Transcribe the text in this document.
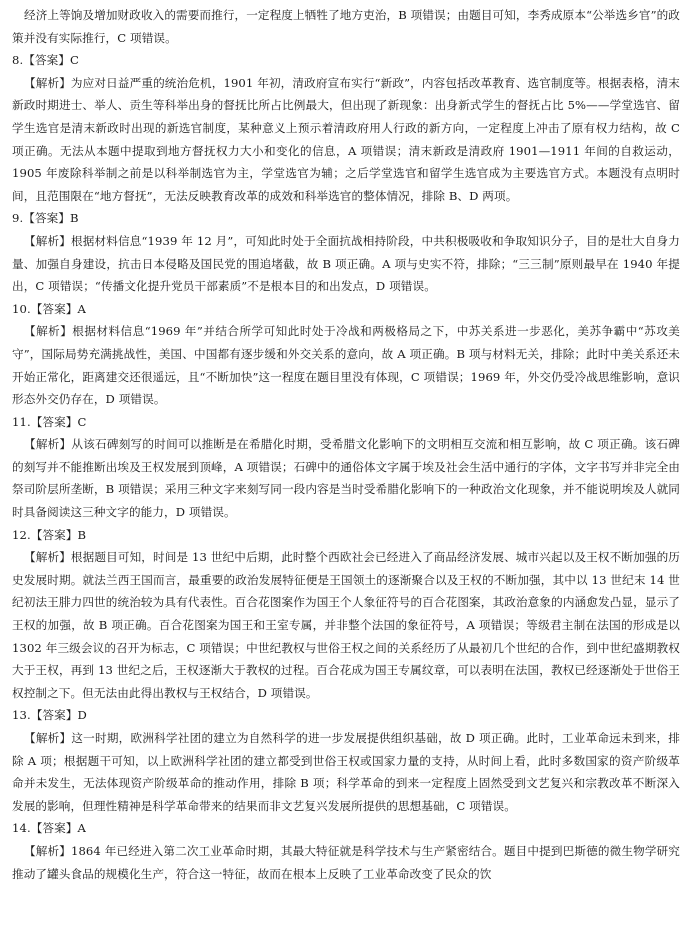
经济上等饷及增加财政收入的需要而推行，一定程度上牺牲了地方吏治，B 项错误；由题目可知，李秀成原本“公举选乡官”的政策并没有实际推行，C 项错误。

8.【答案】C

【解析】为应对日益严重的统治危机，1901 年初，清政府宣布实行“新政”，内容包括改革教育、选官制度等。根据表格，清末新政时期进士、举人、贡生等科举出身的督抚比所占比例最大，但出现了新现象：出身新式学生的督抚占比 5%——学堂选官、留学生选官是清末新政时出现的新选官制度，某种意义上预示着清政府用人行政的新方向，一定程度上冲击了原有权力结构，故 C 项正确。无法从本题中提取到地方督抚权力大小和变化的信息，A 项错误；清末新政是清政府 1901—1911 年间的自救运动，1905 年废除科举制之前是以科举制选官为主，学堂选官为辅；之后学堂选官和留学生选官成为主要选官方式。本题没有点明时间，且范围限在“地方督抚”，无法反映教育改革的成效和科举选官的整体情况，排除 B、D 两项。

9.【答案】B

【解析】根据材料信息“1939 年 12 月”，可知此时处于全面抗战相持阶段，中共积极吸收和争取知识分子，目的是壮大自身力量、加强自身建设，抗击日本侵略及国民党的围追堵截，故 B 项正确。A 项与史实不符，排除；“三三制”原则最早在 1940 年提出，C 项错误；“传播文化提升党员干部素质”不是根本目的和出发点，D 项错误。

10.【答案】A

【解析】根据材料信息“1969 年”并结合所学可知此时处于冷战和两极格局之下，中苏关系进一步恶化，美苏争霸中“苏攻美守”，国际局势充满挑战性，美国、中国都有逐步缓和外交关系的意向，故 A 项正确。B 项与材料无关，排除；此时中美关系还未开始正常化，距离建交还很遥远，且“不断加快”这一程度在题目里没有体现，C 项错误；1969 年，外交仍受冷战思维影响，意识形态外交仍存在，D 项错误。

11.【答案】C

【解析】从该石碑刻写的时间可以推断是在希腊化时期，受希腊文化影响下的文明相互交流和相互影响，故 C 项正确。该石碑的刻写并不能推断出埃及王权发展到顶峰，A 项错误；石碑中的通俗体文字属于埃及社会生活中通行的字体，文字书写并非完全由祭司阶层所垄断，B 项错误；采用三种文字来刻写同一段内容是当时受希腊化影响下的一种政治文化现象，并不能说明埃及人就同时具备阅读这三种文字的能力，D 项错误。

12.【答案】B

【解析】根据题目可知，时间是 13 世纪中后期，此时整个西欧社会已经进入了商品经济发展、城市兴起以及王权不断加强的历史发展时期。就法兰西王国而言，最重要的政治发展特征便是王国领土的逐渐聚合以及王权的不断加强，其中以 13 世纪末 14 世纪初法王腓力四世的统治较为具有代表性。百合花图案作为国王个人象征符号的百合花图案，其政治意象的内涵愈发凸显，显示了王权的加强，故 B 项正确。百合花图案为国王和王室专属，并非整个法国的象征符号，A 项错误；等级君主制在法国的形成是以 1302 年三级会议的召开为标志，C 项错误；中世纪教权与世俗王权之间的关系经历了从最初几个世纪的合作，到中世纪盛期教权大于王权，再到 13 世纪之后，王权逐渐大于教权的过程。百合花成为国王专属纹章，可以表明在法国，教权已经逐渐处于世俗王权控制之下。但无法由此得出教权与王权结合，D 项错误。

13.【答案】D

【解析】这一时期，欧洲科学社团的建立为自然科学的进一步发展提供组织基础，故 D 项正确。此时，工业革命远未到来，排除 A 项；根据题干可知，以上欧洲科学社团的建立都受到世俗王权或国家力量的支持，从时间上看，此时多数国家的资产阶级革命并未发生，无法体现资产阶级革命的推动作用，排除 B 项；科学革命的到来一定程度上固然受到文艺复兴和宗教改革不断深入发展的影响，但理性精神是科学革命带来的结果而非文艺复兴发展所提供的思想基础，C 项错误。

14.【答案】A

【解析】1864 年已经进入第二次工业革命时期，其最大特征就是科学技术与生产紧密结合。题目中提到巴斯德的微生物学研究推动了罐头食品的规模化生产，符合这一特征，故而在根本上反映了工业革命改变了民众的饮
